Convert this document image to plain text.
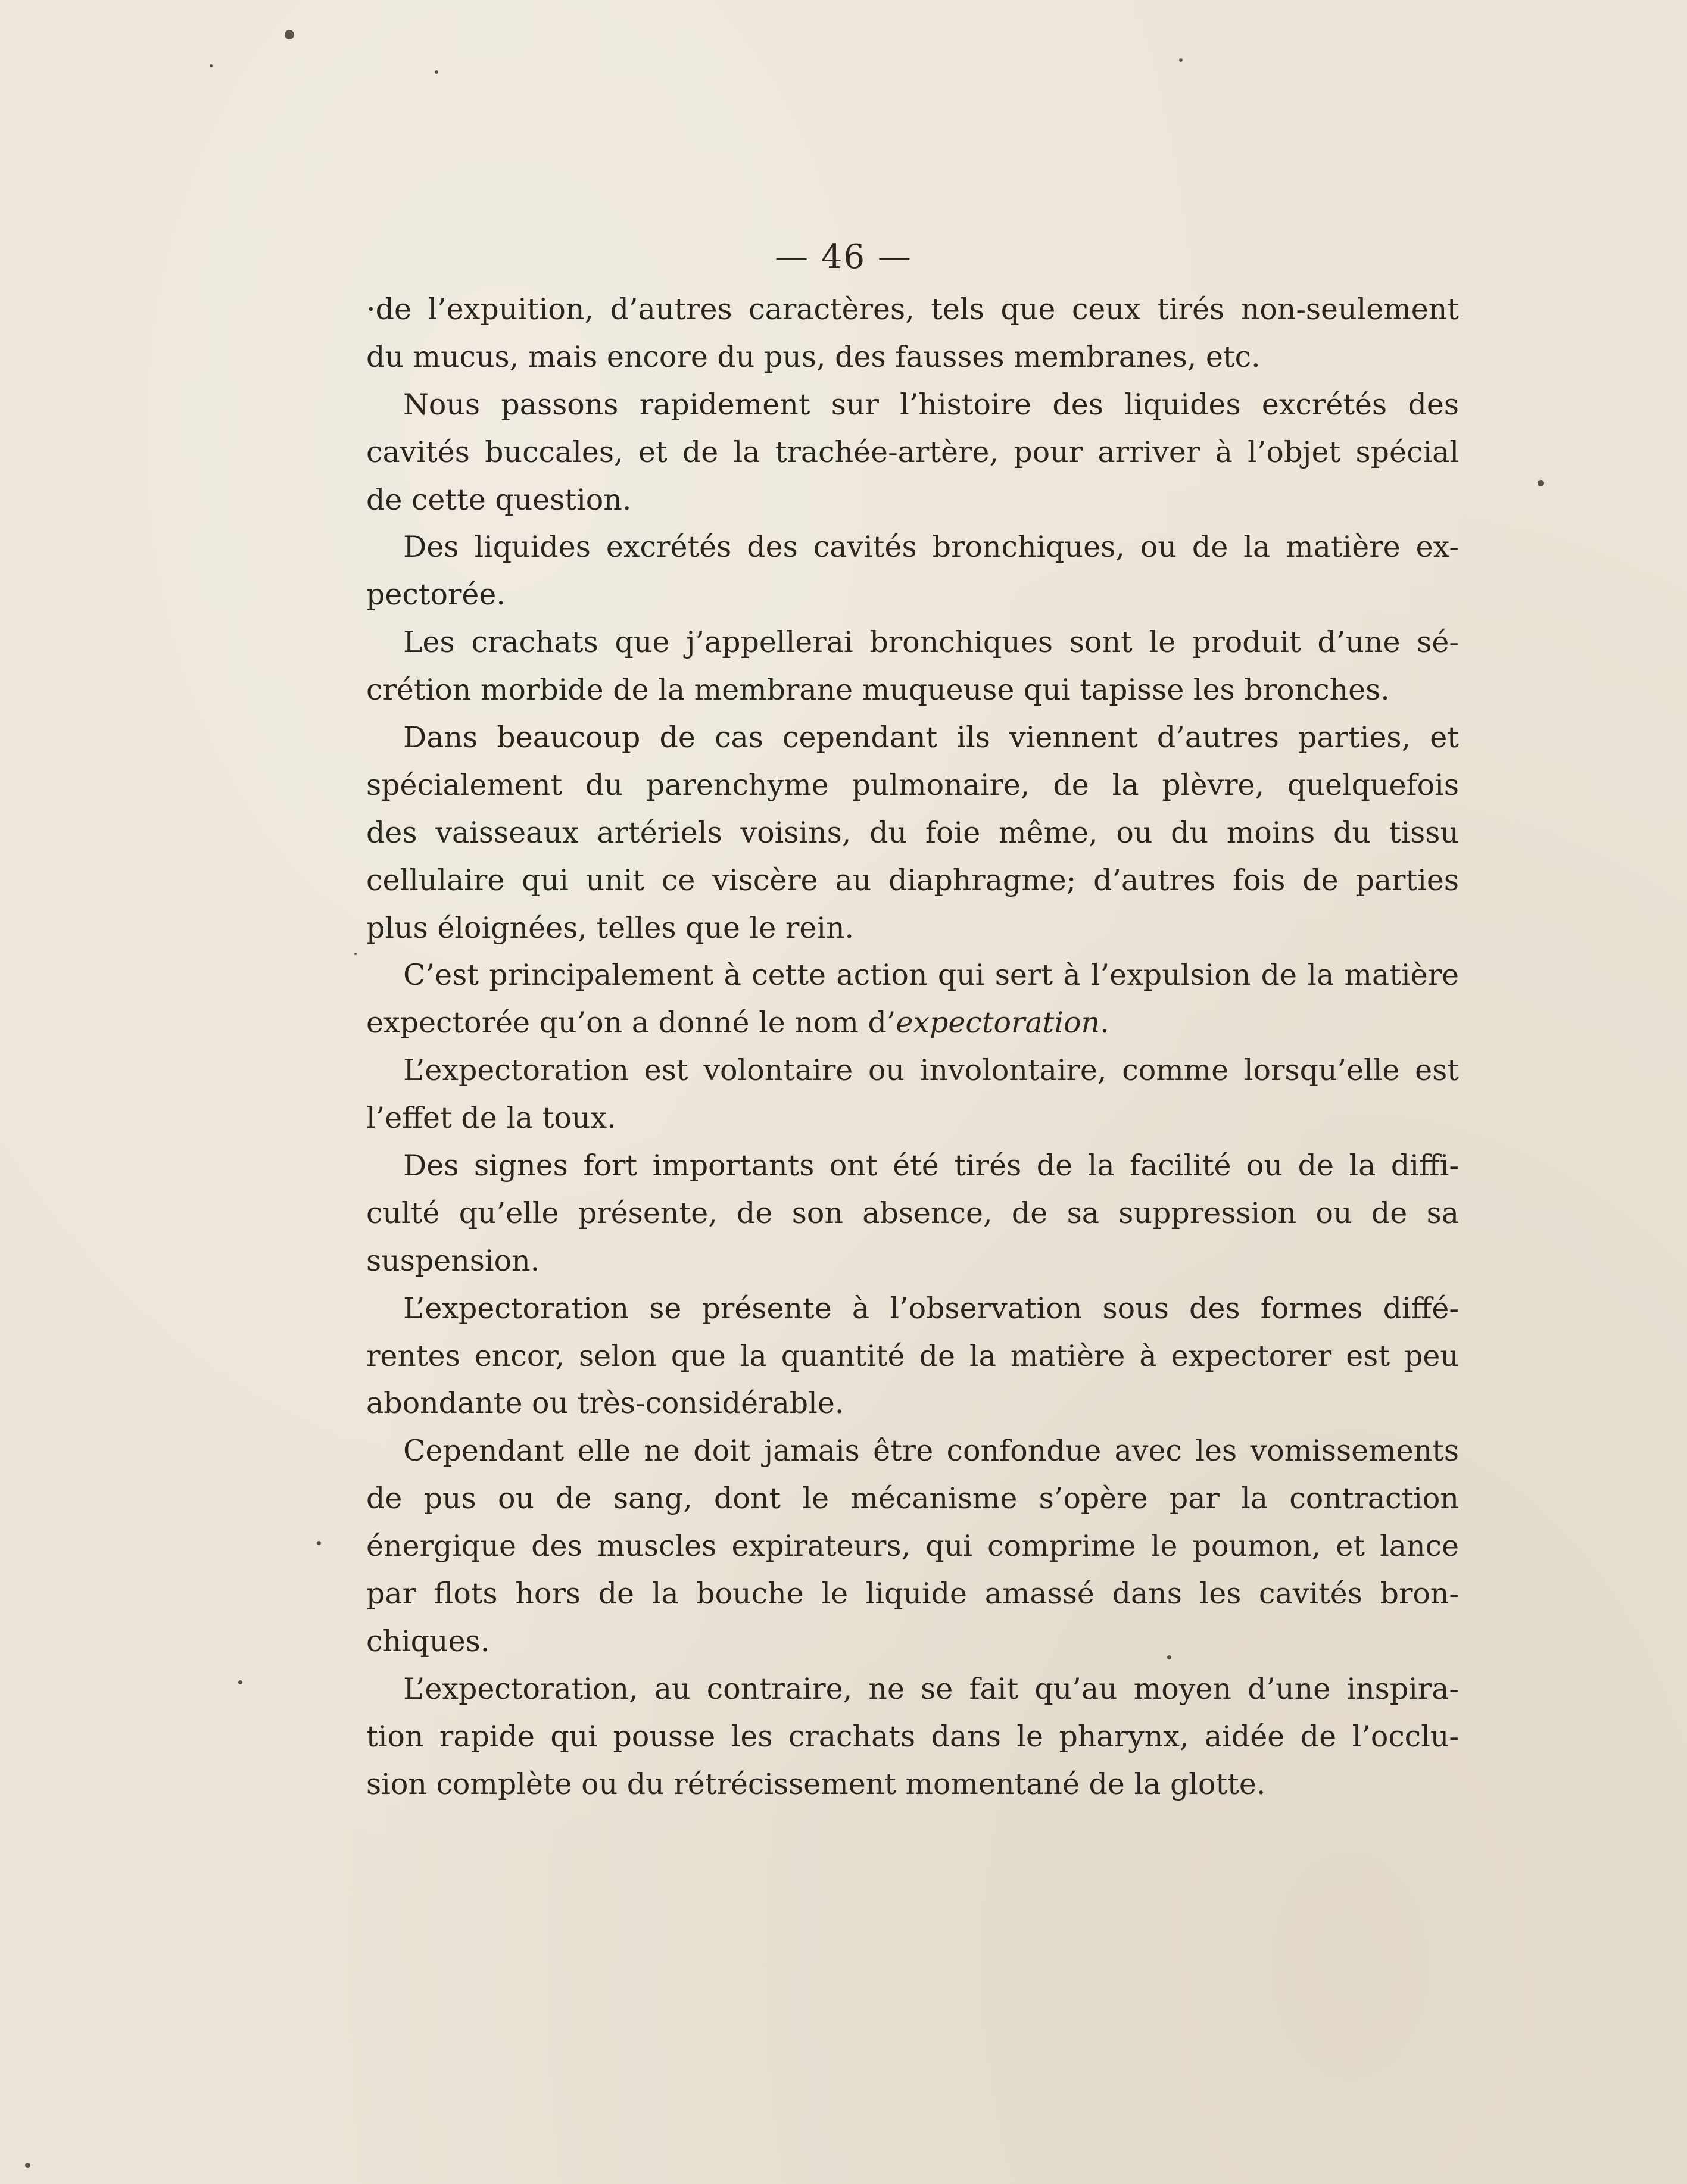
— 46 —
·de l’expuition, d’autres caractères, tels que ceux tirés non-seulement
du mucus, mais encore du pus, des fausses membranes, etc.
Nous passons rapidement sur l’histoire des liquides excrétés des
cavités buccales, et de la trachée-artère, pour arriver à l’objet spécial
de cette question.
Des liquides excrétés des cavités bronchiques, ou de la matière ex-
pectorée.
Les crachats que j’appellerai bronchiques sont le produit d’une sé-
crétion morbide de la membrane muqueuse qui tapisse les bronches.
Dans beaucoup de cas cependant ils viennent d’autres parties, et
spécialement du parenchyme pulmonaire, de la plèvre, quelquefois
des vaisseaux artériels voisins, du foie même, ou du moins du tissu
cellulaire qui unit ce viscère au diaphragme; d’autres fois de parties
plus éloignées, telles que le rein.
C’est principalement à cette action qui sert à l’expulsion de la matière
expectorée qu’on a donné le nom d’expectoration.
L’expectoration est volontaire ou involontaire, comme lorsqu’elle est
l’effet de la toux.
Des signes fort importants ont été tirés de la facilité ou de la diffi-
culté qu’elle présente, de son absence, de sa suppression ou de sa
suspension.
L’expectoration se présente à l’observation sous des formes diffé-
rentes encor, selon que la quantité de la matière à expectorer est peu
abondante ou très-considérable.
Cependant elle ne doit jamais être confondue avec les vomissements
de pus ou de sang, dont le mécanisme s’opère par la contraction
énergique des muscles expirateurs, qui comprime le poumon, et lance
par flots hors de la bouche le liquide amassé dans les cavités bron-
chiques.
L’expectoration, au contraire, ne se fait qu’au moyen d’une inspira-
tion rapide qui pousse les crachats dans le pharynx, aidée de l’occlu-
sion complète ou du rétrécissement momentané de la glotte.
